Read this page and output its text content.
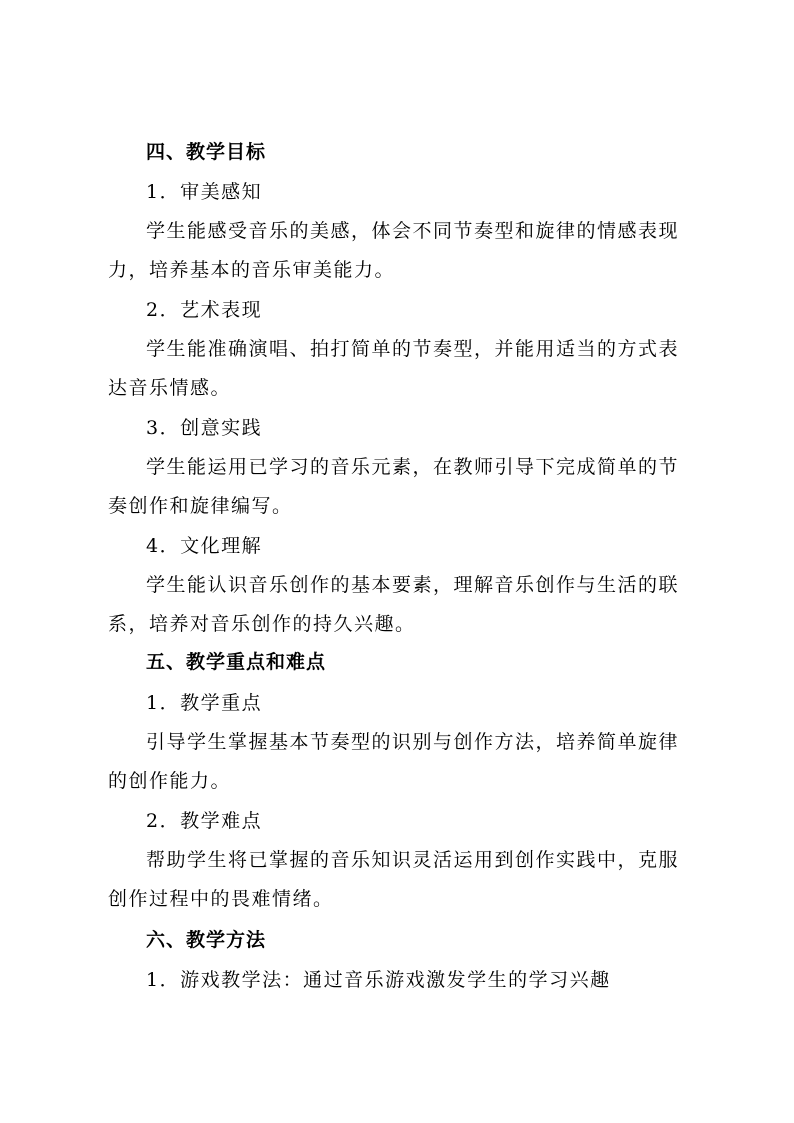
四、教学目标
1．审美感知
学生能感受音乐的美感，体会不同节奏型和旋律的情感表现
力，培养基本的音乐审美能力。
2．艺术表现
学生能准确演唱、拍打简单的节奏型，并能用适当的方式表
达音乐情感。
3．创意实践
学生能运用已学习的音乐元素，在教师引导下完成简单的节
奏创作和旋律编写。
4．文化理解
学生能认识音乐创作的基本要素，理解音乐创作与生活的联
系，培养对音乐创作的持久兴趣。
五、教学重点和难点
1．教学重点
引导学生掌握基本节奏型的识别与创作方法，培养简单旋律
的创作能力。
2．教学难点
帮助学生将已掌握的音乐知识灵活运用到创作实践中，克服
创作过程中的畏难情绪。
六、教学方法
1．游戏教学法：通过音乐游戏激发学生的学习兴趣
